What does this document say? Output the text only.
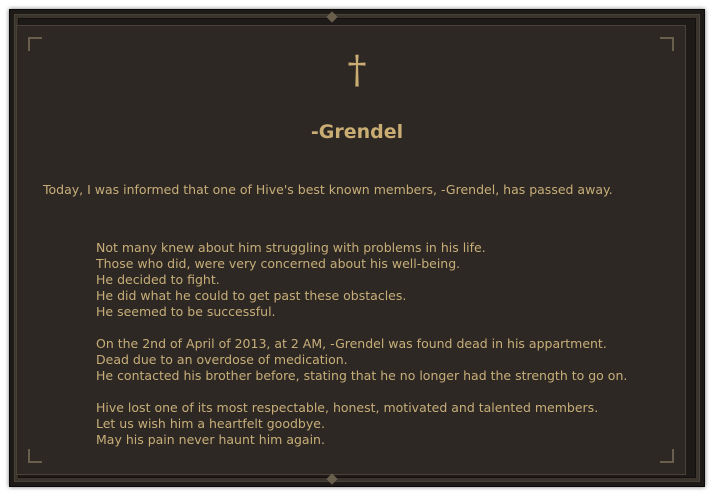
†
-Grendel
Today, I was informed that one of Hive's best known members, -Grendel, has passed away.
Not many knew about him struggling with problems in his life.
Those who did, were very concerned about his well-being.
He decided to fight.
He did what he could to get past these obstacles.
He seemed to be successful.
On the 2nd of April of 2013, at 2 AM, -Grendel was found dead in his appartment.
Dead due to an overdose of medication.
He contacted his brother before, stating that he no longer had the strength to go on.
Hive lost one of its most respectable, honest, motivated and talented members.
Let us wish him a heartfelt goodbye.
May his pain never haunt him again.
